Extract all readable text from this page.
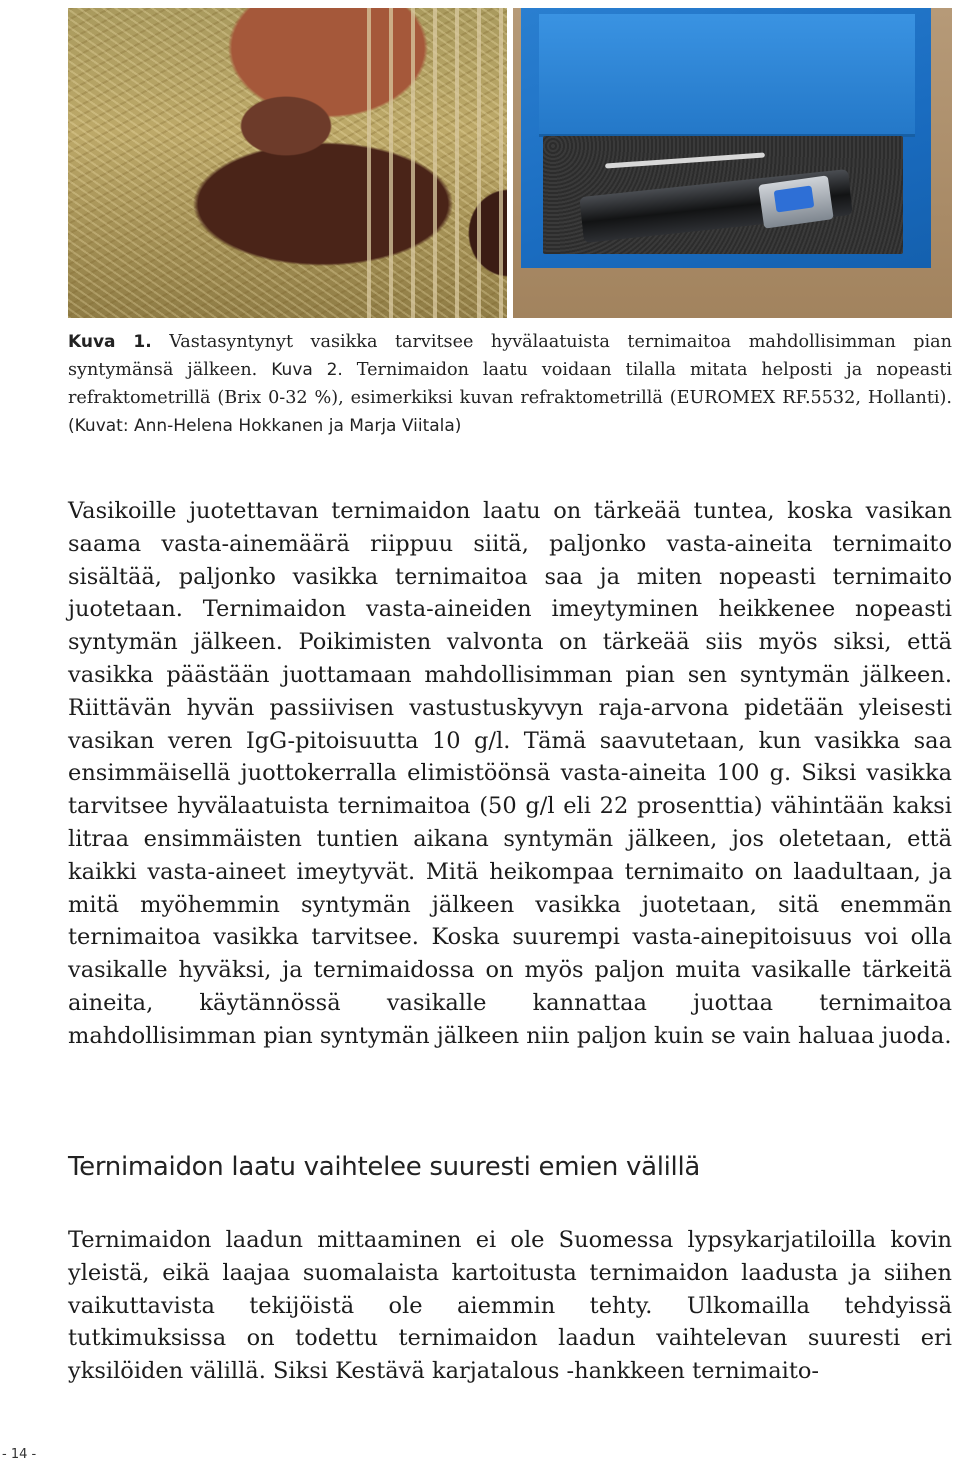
Kuva 1. Vastasyntynyt vasikka tarvitsee hyvälaatuista ternimaitoa mahdollisimman pian syntymänsä jälkeen. Kuva 2. Ternimaidon laatu voidaan tilalla mitata helposti ja nopeasti refraktometrillä (Brix 0-32 %), esimerkiksi kuvan refraktometrillä (EUROMEX RF.5532, Hollanti). (Kuvat: Ann-Helena Hokkanen ja Marja Viitala)

Vasikoille juotettavan ternimaidon laatu on tärkeää tuntea, koska vasikan saama vasta-ainemäärä riippuu siitä, paljonko vasta-aineita ternimaito sisältää, paljonko vasikka ternimaitoa saa ja miten nopeasti ternimaito juotetaan. Ternimaidon vasta-aineiden imeytyminen heikkenee nopeasti syntymän jälkeen. Poikimisten valvonta on tärkeää siis myös siksi, että vasikka päästään juottamaan mahdollisimman pian sen syntymän jälkeen. Riittävän hyvän passiivisen vastustuskyvyn raja-arvona pidetään yleisesti vasikan veren IgG-pitoisuutta 10 g/l. Tämä saavutetaan, kun vasikka saa ensimmäisellä juottokerralla elimistöönsä vasta-aineita 100 g. Siksi vasikka tarvitsee hyvälaatuista ternimaitoa (50 g/l eli 22 prosenttia) vähintään kaksi litraa ensimmäisten tuntien aikana syntymän jälkeen, jos oletetaan, että kaikki vasta-aineet imeytyvät. Mitä heikompaa ternimaito on laadultaan, ja mitä myöhemmin syntymän jälkeen vasikka juotetaan, sitä enemmän ternimaitoa vasikka tarvitsee. Koska suurempi vasta-ainepitoisuus voi olla vasikalle hyväksi, ja ternimaidossa on myös paljon muita vasikalle tärkeitä aineita, käytännössä vasikalle kannattaa juottaa ternimaitoa mahdollisimman pian syntymän jälkeen niin paljon kuin se vain haluaa juoda.

Ternimaidon laatu vaihtelee suuresti emien välillä

Ternimaidon laadun mittaaminen ei ole Suomessa lypsykarjatiloilla kovin yleistä, eikä laajaa suomalaista kartoitusta ternimaidon laadusta ja siihen vaikuttavista tekijöistä ole aiemmin tehty. Ulkomailla tehdyissä tutkimuksissa on todettu ternimaidon laadun vaihtelevan suuresti eri yksilöiden välillä. Siksi Kestävä karjatalous -hankkeen ternimaito-

- 14 -
